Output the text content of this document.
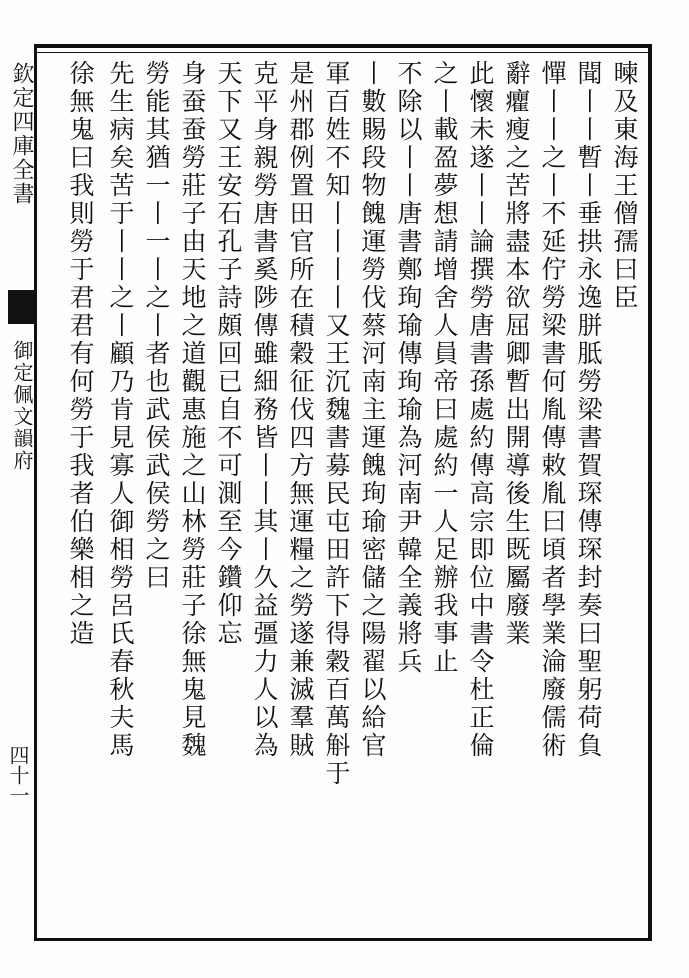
欽定四庫全書
御定佩文韻府
四十一
暕及東海王僧孺曰臣
聞丨丨暫丨垂拱永逸胼胝勞梁書賀琛傳琛封奏曰聖躬荷負
憚丨丨之丨不延佇勞梁書何胤傳敕胤曰頃者學業淪廢儒術
辭癯瘦之苦將盡本欲屈卿暫出開導後生既屬廢業
此懷未遂丨丨論撰勞唐書孫處約傳高宗即位中書令杜正倫
之丨載盈夢想請增舍人員帝曰處約一人足辦我事止
不除以丨丨唐書鄭珣瑜傳珣瑜為河南尹韓全義將兵
丨數賜段物餽運勞伐蔡河南主運餽珣瑜密儲之陽翟以給官
軍百姓不知丨丨丨丨又王沉魏書募民屯田許下得穀百萬斛于
是州郡例置田官所在積穀征伐四方無運糧之勞遂兼滅羣賊
克平身親勞唐書奚陟傳雖細務皆丨丨其丨久益彊力人以為
天下又王安石孔子詩頗回已自不可測至今鑽仰忘
身蚕蚕勞莊子由天地之道觀惠施之山林勞莊子徐無鬼見魏
勞能其猶一丨一丨之丨者也武侯武侯勞之曰
先生病矣苦于丨丨之丨顧乃肯見寡人御相勞呂氏春秋夫馬
徐無鬼曰我則勞于君君有何勞于我者伯樂相之造
